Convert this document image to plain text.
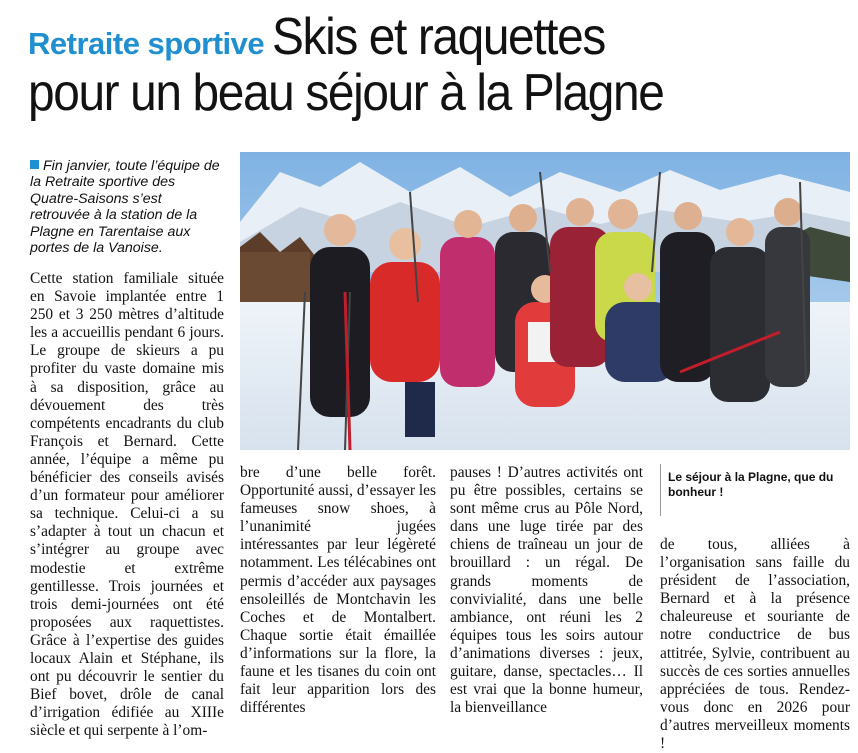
Retraite sportive Skis et raquettes
pour un beau séjour à la Plagne
Fin janvier, toute l’équipe de la Retraite sportive des Quatre-Saisons s’est retrouvée à la station de la Plagne en Tarentaise aux portes de la Vanoise.

Cette station familiale située en Savoie implantée entre 1 250 et 3 250 mètres d’altitude les a accueillis pendant 6 jours. Le groupe de skieurs a pu profiter du vaste domaine mis à sa disposition, grâce au dévouement des très compétents encadrants du club François et Bernard. Cette année, l’équipe a même pu bénéficier des conseils avisés d’un formateur pour améliorer sa technique. Celui-ci a su s’adapter à tout un chacun et s’intégrer au groupe avec modestie et extrême gentillesse. Trois journées et trois demi-journées ont été proposées aux raquettistes. Grâce à l’expertise des guides locaux Alain et Stéphane, ils ont pu découvrir le sentier du Bief bovet, drôle de canal d’irrigation édifiée au XIIIe siècle et qui serpente à l’om-

bre d’une belle forêt. Opportunité aussi, d’essayer les fameuses snow shoes, à l’unanimité jugées intéressantes par leur légèreté notamment. Les télécabines ont permis d’accéder aux paysages ensoleillés de Montchavin les Coches et de Montalbert. Chaque sortie était émaillée d’informations sur la flore, la faune et les tisanes du coin ont fait leur apparition lors des différentes

pauses ! D’autres activités ont pu être possibles, certains se sont même crus au Pôle Nord, dans une luge tirée par des chiens de traîneau un jour de brouillard : un régal. De grands moments de convivialité, dans une belle ambiance, ont réuni les 2 équipes tous les soirs autour d’animations diverses : jeux, guitare, danse, spectacles… Il est vrai que la bonne humeur, la bienveillance

Le séjour à la Plagne, que du bonheur !

de tous, alliées à l’organisation sans faille du président de l’association, Bernard et à la présence chaleureuse et souriante de notre conductrice de bus attitrée, Sylvie, contribuent au succès de ces sorties annuelles appréciées de tous. Rendez-vous donc en 2026 pour d’autres merveilleux moments !
